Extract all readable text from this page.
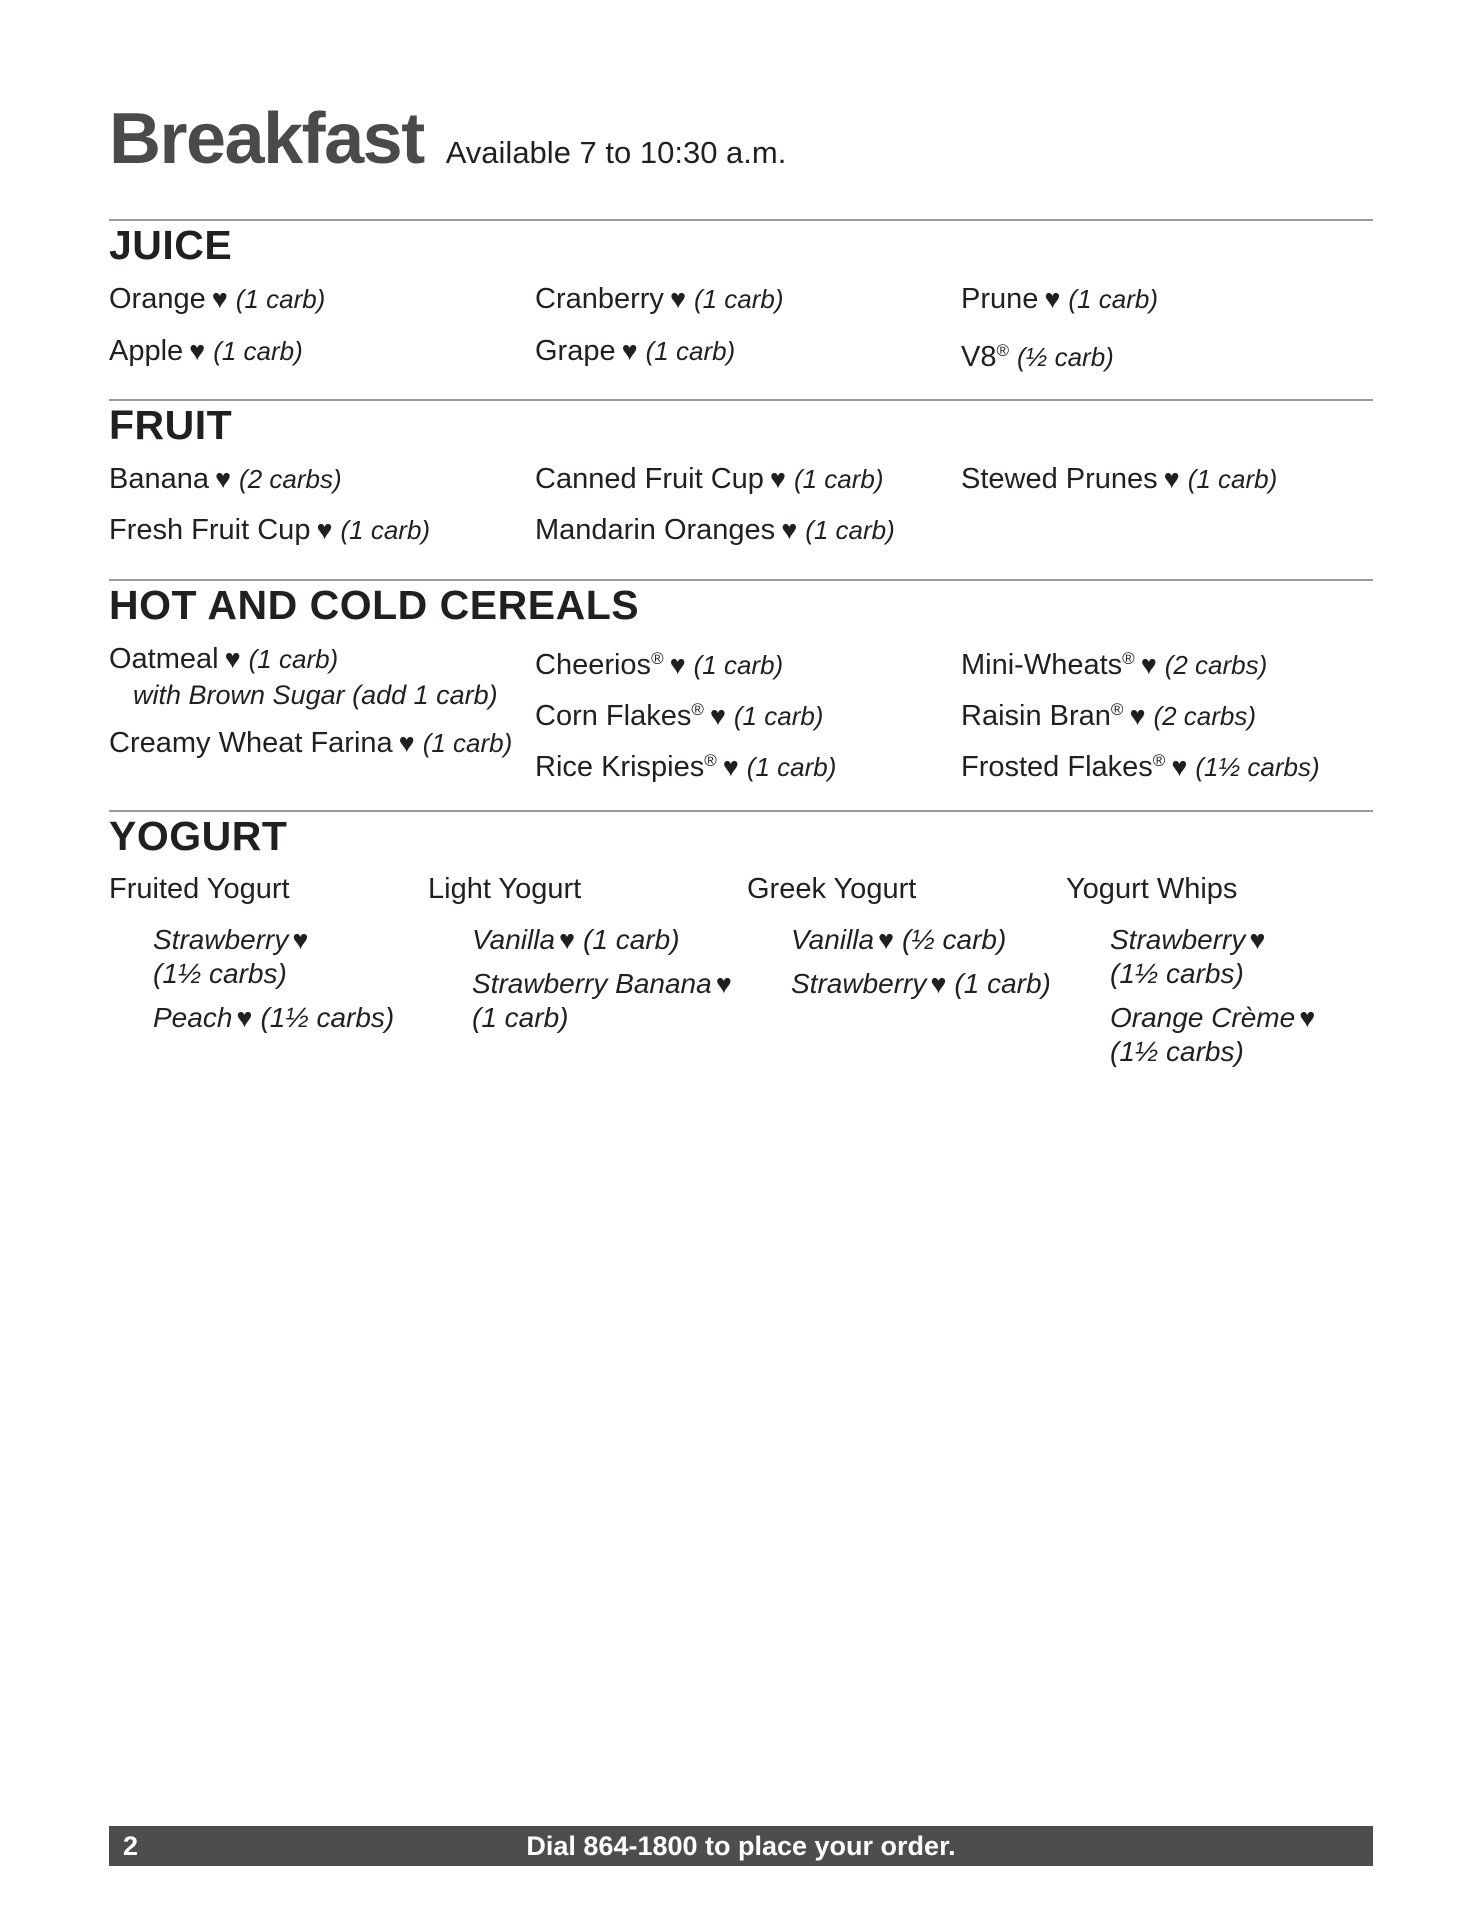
Breakfast Available 7 to 10:30 a.m.
JUICE
Orange ♥ (1 carb)
Apple ♥ (1 carb)
Cranberry ♥ (1 carb)
Grape ♥ (1 carb)
Prune ♥ (1 carb)
V8® (½ carb)
FRUIT
Banana ♥ (2 carbs)
Fresh Fruit Cup ♥ (1 carb)
Canned Fruit Cup ♥ (1 carb)
Mandarin Oranges ♥ (1 carb)
Stewed Prunes ♥ (1 carb)
HOT AND COLD CEREALS
Oatmeal ♥ (1 carb)
with Brown Sugar (add 1 carb)
Creamy Wheat Farina ♥ (1 carb)
Cheerios® ♥ (1 carb)
Corn Flakes® ♥ (1 carb)
Rice Krispies® ♥ (1 carb)
Mini-Wheats® ♥ (2 carbs)
Raisin Bran® ♥ (2 carbs)
Frosted Flakes® ♥ (1½ carbs)
YOGURT
Fruited Yogurt
Strawberry ♥
(1½ carbs)
Peach ♥ (1½ carbs)
Light Yogurt
Vanilla ♥ (1 carb)
Strawberry Banana ♥
(1 carb)
Greek Yogurt
Vanilla ♥ (½ carb)
Strawberry ♥ (1 carb)
Yogurt Whips
Strawberry ♥
(1½ carbs)
Orange Crème ♥
(1½ carbs)
2	Dial 864-1800 to place your order.
